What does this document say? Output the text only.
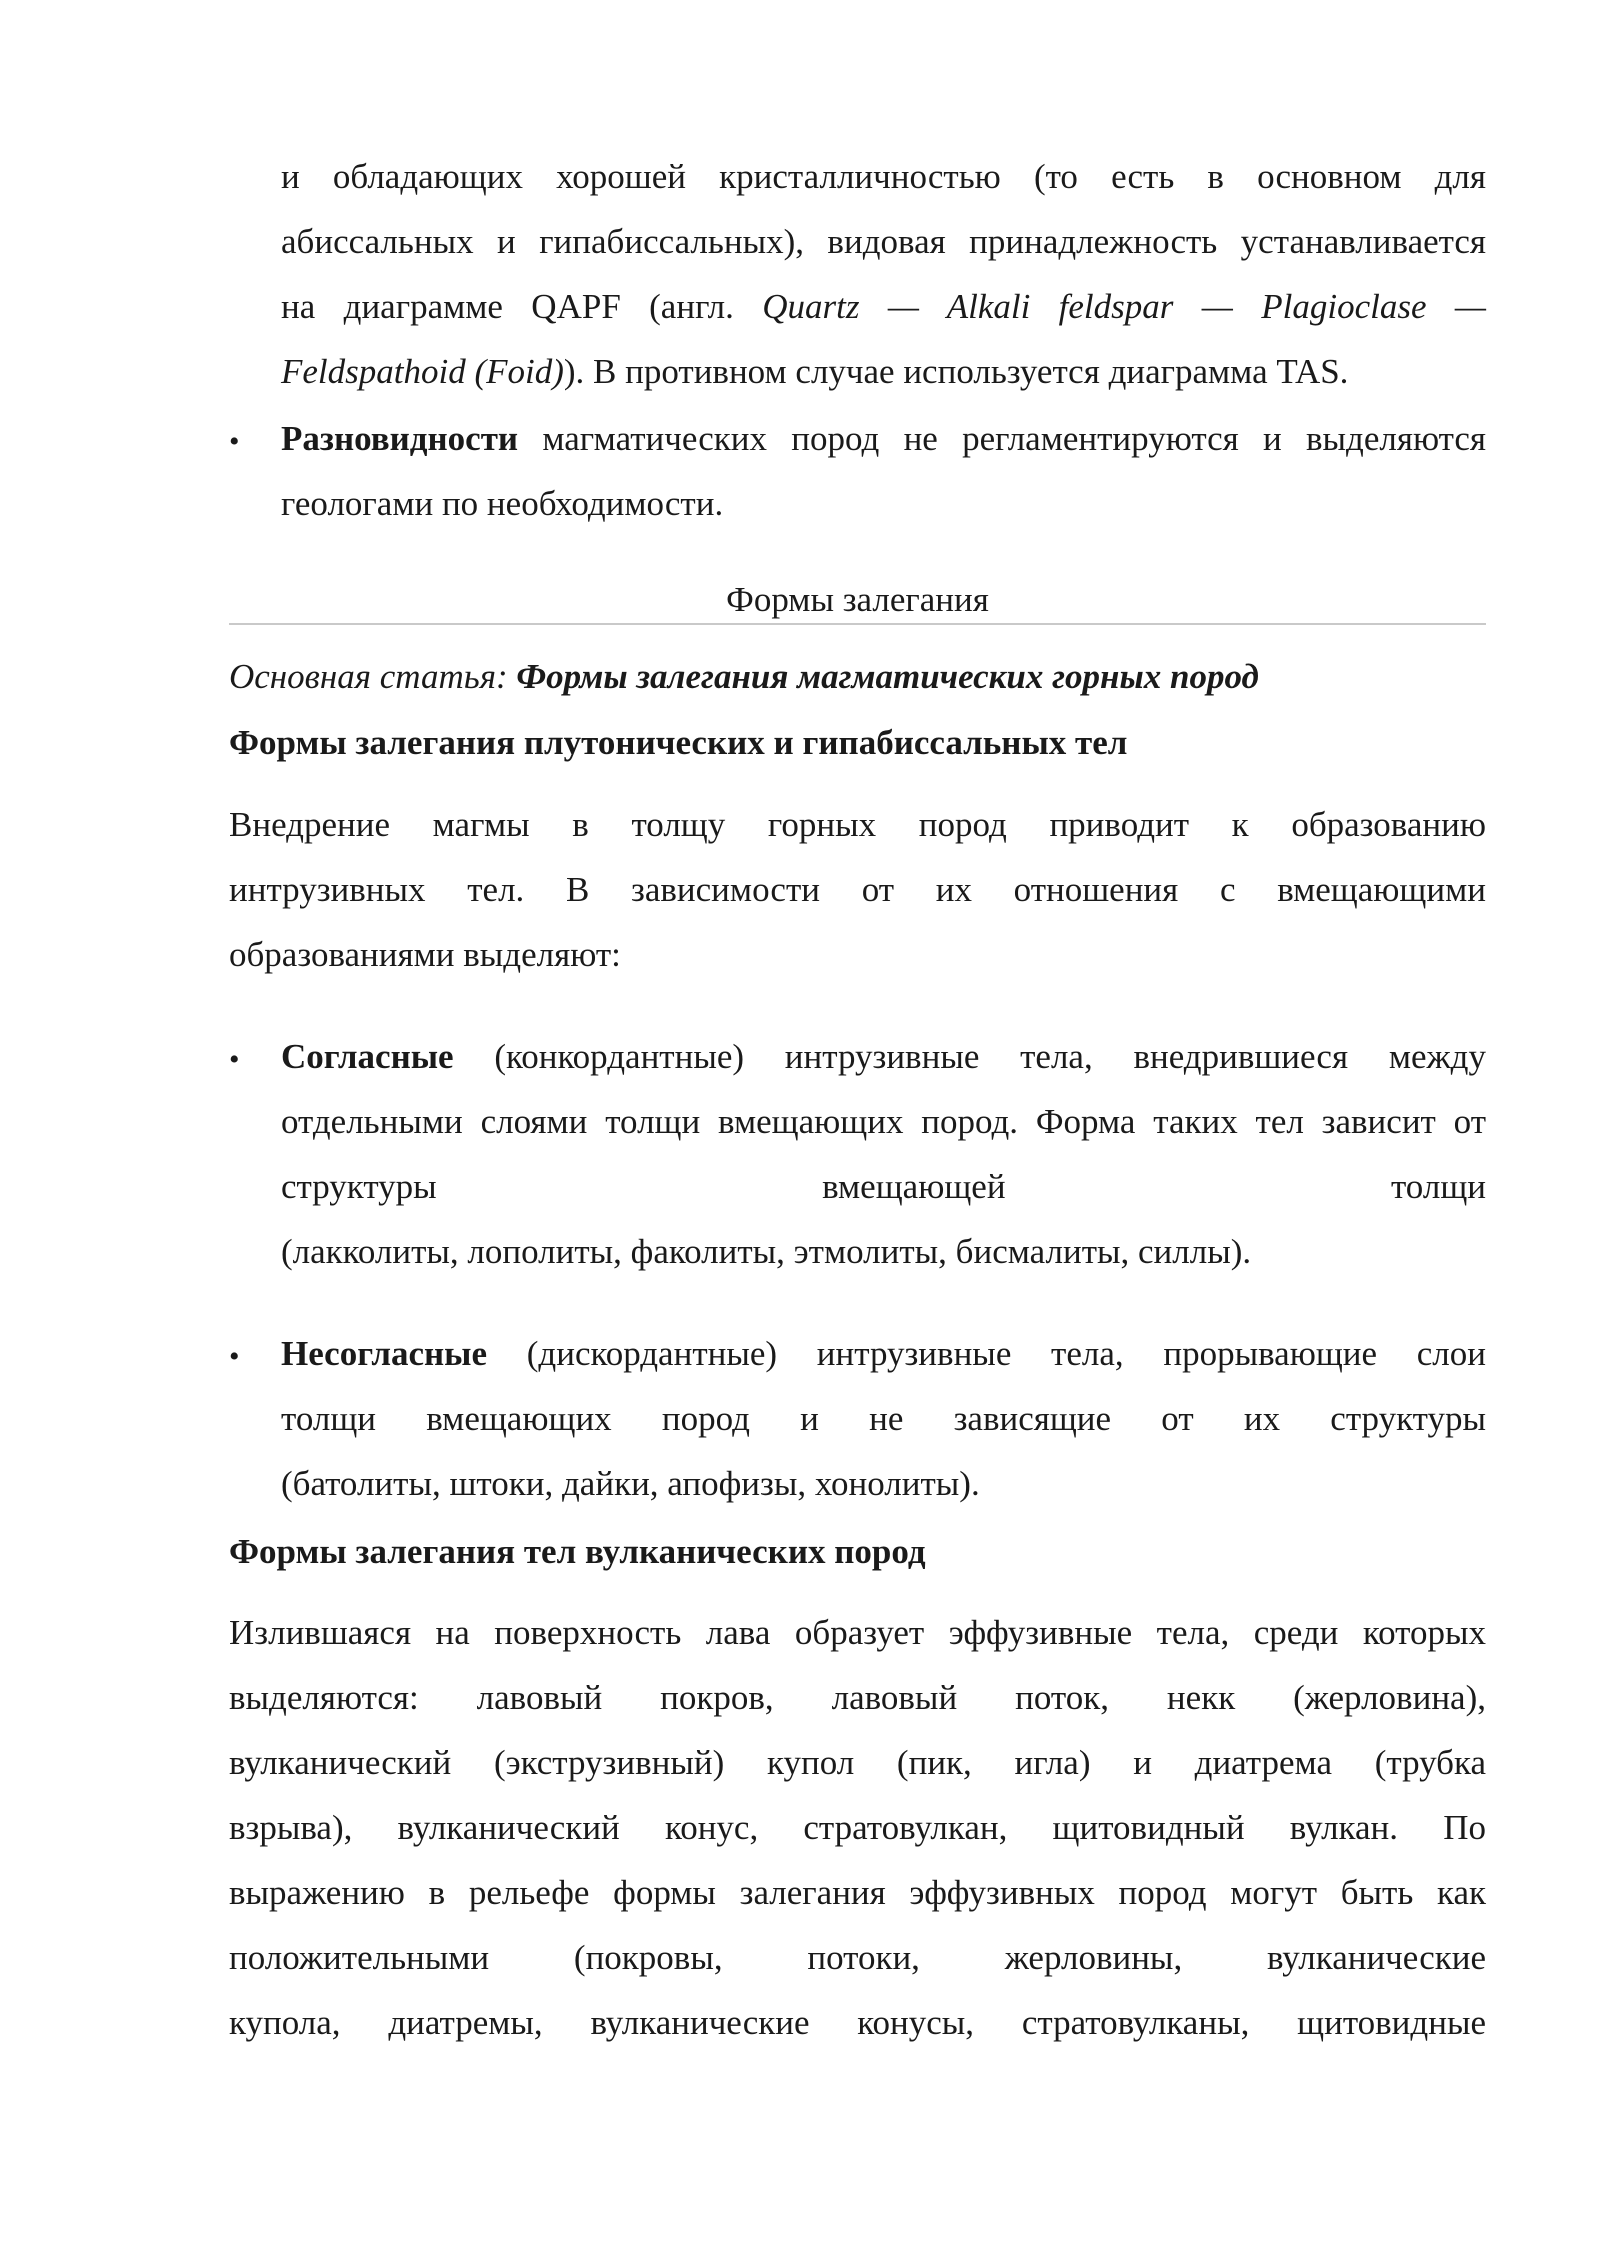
и обладающих хорошей кристалличностью (то есть в основном для
абиссальных и гипабиссальных), видовая принадлежность устанавливается
на диаграмме QAPF (англ. Quartz — Alkali feldspar — Plagioclase —
Feldspathoid (Foid)). В противном случае используется диаграмма TAS.
• Разновидности магматических пород не регламентируются и выделяются
геологами по необходимости.
Формы залегания
Основная статья: Формы залегания магматических горных пород
Формы залегания плутонических и гипабиссальных тел
Внедрение магмы в толщу горных пород приводит к образованию
интрузивных тел. В зависимости от их отношения с вмещающими
образованиями выделяют:
• Согласные (конкордантные) интрузивные тела, внедрившиеся между
отдельными слоями толщи вмещающих пород. Форма таких тел зависит от
структуры вмещающей толщи
(лакколиты, лополиты, факолиты, этмолиты, бисмалиты, силлы).
• Несогласные (дискордантные) интрузивные тела, прорывающие слои
толщи вмещающих пород и не зависящие от их структуры
(батолиты, штоки, дайки, апофизы, хонолиты).
Формы залегания тел вулканических пород
Излившаяся на поверхность лава образует эффузивные тела, среди которых
выделяются: лавовый покров, лавовый поток, некк (жерловина),
вулканический (экструзивный) купол (пик, игла) и диатрема (трубка
взрыва), вулканический конус, стратовулкан, щитовидный вулкан. По
выражению в рельефе формы залегания эффузивных пород могут быть как
положительными (покровы, потоки, жерловины, вулканические
купола, диатремы, вулканические конусы, стратовулканы, щитовидные
